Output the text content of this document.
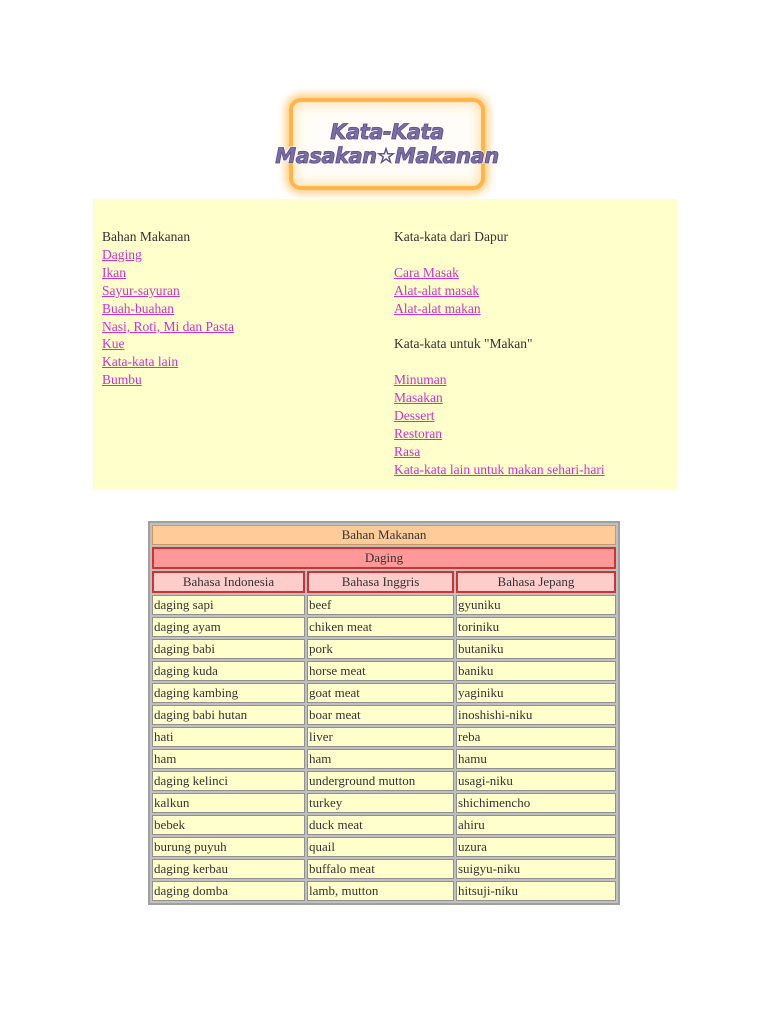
Kata-Kata
Masakan☆Makanan
Bahan Makanan
Daging
Ikan
Sayur-sayuran
Buah-buahan
Nasi, Roti, Mi dan Pasta
Kue
Kata-kata lain
Bumbu
Kata-kata dari Dapur
Cara Masak
Alat-alat masak
Alat-alat makan
Kata-kata untuk "Makan"
Minuman
Masakan
Dessert
Restoran
Rasa
Kata-kata lain untuk makan sehari-hari
Bahan Makanan		
Daging		
Bahasa Indonesia	Bahasa Inggris	Bahasa Jepang
daging sapi	beef	gyuniku
daging ayam	chiken meat	toriniku
daging babi	pork	butaniku
daging kuda	horse meat	baniku
daging kambing	goat meat	yaginiku
daging babi hutan	boar meat	inoshishi-niku
hati	liver	reba
ham	ham	hamu
daging kelinci	underground mutton	usagi-niku
kalkun	turkey	shichimencho
bebek	duck meat	ahiru
burung puyuh	quail	uzura
daging kerbau	buffalo meat	suigyu-niku
daging domba	lamb, mutton	hitsuji-niku
